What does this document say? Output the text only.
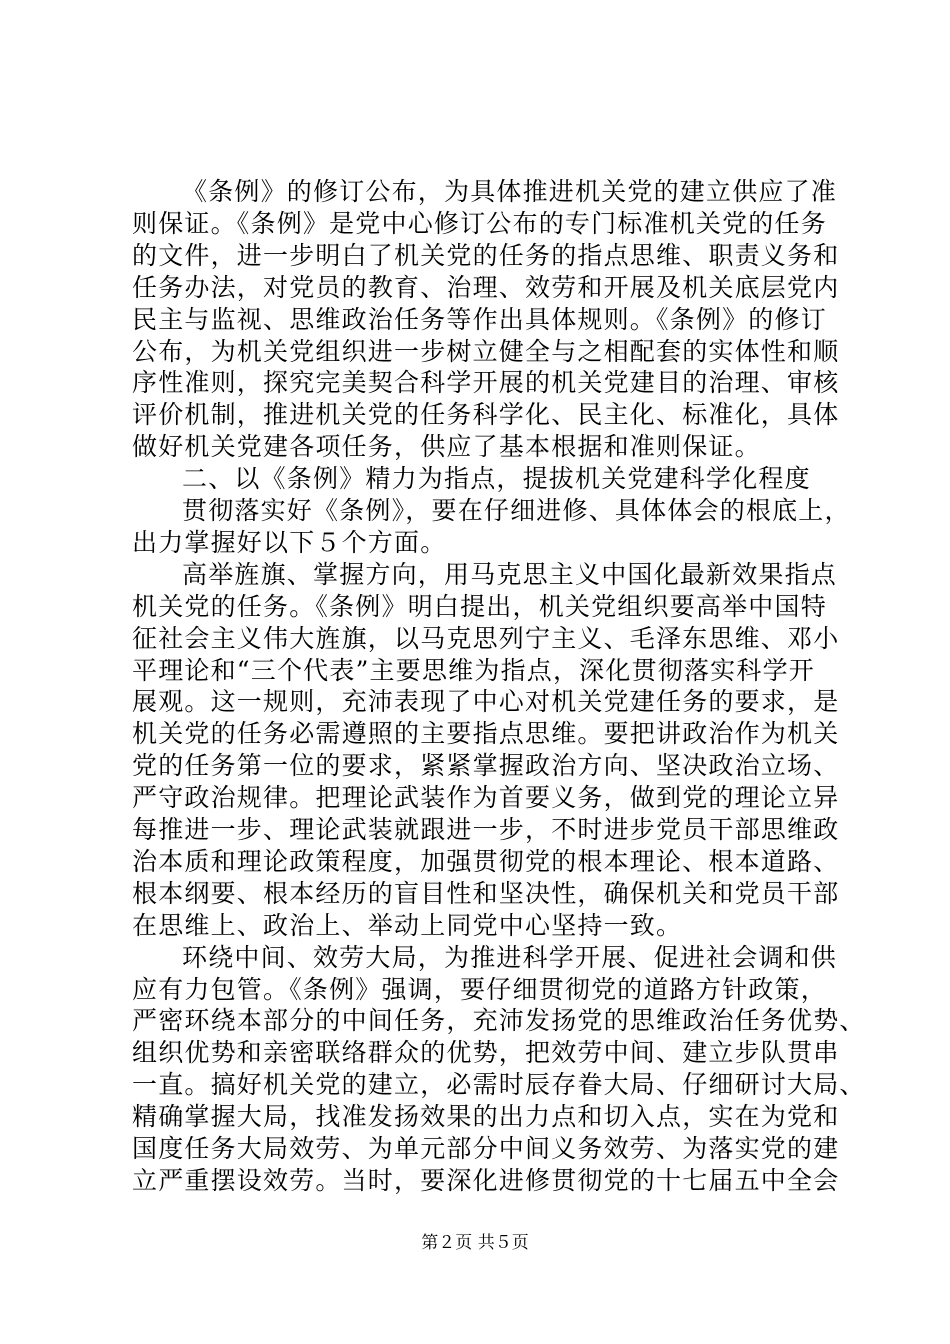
《条例》的修订公布，为具体推进机关党的建立供应了准
则保证。《条例》是党中心修订公布的专门标准机关党的任务
的文件，进一步明白了机关党的任务的指点思维、职责义务和
任务办法，对党员的教育、治理、效劳和开展及机关底层党内
民主与监视、思维政治任务等作出具体规则。《条例》的修订
公布，为机关党组织进一步树立健全与之相配套的实体性和顺
序性准则，探究完美契合科学开展的机关党建目的治理、审核
评价机制，推进机关党的任务科学化、民主化、标准化，具体
做好机关党建各项任务，供应了基本根据和准则保证。
二、以《条例》精力为指点，提拔机关党建科学化程度
贯彻落实好《条例》，要在仔细进修、具体体会的根底上，
出力掌握好以下５个方面。
高举旌旗、掌握方向，用马克思主义中国化最新效果指点
机关党的任务。《条例》明白提出，机关党组织要高举中国特
征社会主义伟大旌旗，以马克思列宁主义、毛泽东思维、邓小
平理论和“三个代表”主要思维为指点，深化贯彻落实科学开
展观。这一规则，充沛表现了中心对机关党建任务的要求，是
机关党的任务必需遵照的主要指点思维。要把讲政治作为机关
党的任务第一位的要求，紧紧掌握政治方向、坚决政治立场、
严守政治规律。把理论武装作为首要义务，做到党的理论立异
每推进一步、理论武装就跟进一步，不时进步党员干部思维政
治本质和理论政策程度，加强贯彻党的根本理论、根本道路、
根本纲要、根本经历的盲目性和坚决性，确保机关和党员干部
在思维上、政治上、举动上同党中心坚持一致。
环绕中间、效劳大局，为推进科学开展、促进社会调和供
应有力包管。《条例》强调，要仔细贯彻党的道路方针政策，
严密环绕本部分的中间任务，充沛发扬党的思维政治任务优势、
组织优势和亲密联络群众的优势，把效劳中间、建立步队贯串
一直。搞好机关党的建立，必需时辰存眷大局、仔细研讨大局、
精确掌握大局，找准发扬效果的出力点和切入点，实在为党和
国度任务大局效劳、为单元部分中间义务效劳、为落实党的建
立严重摆设效劳。当时，要深化进修贯彻党的十七届五中全会
第２页 共５页
